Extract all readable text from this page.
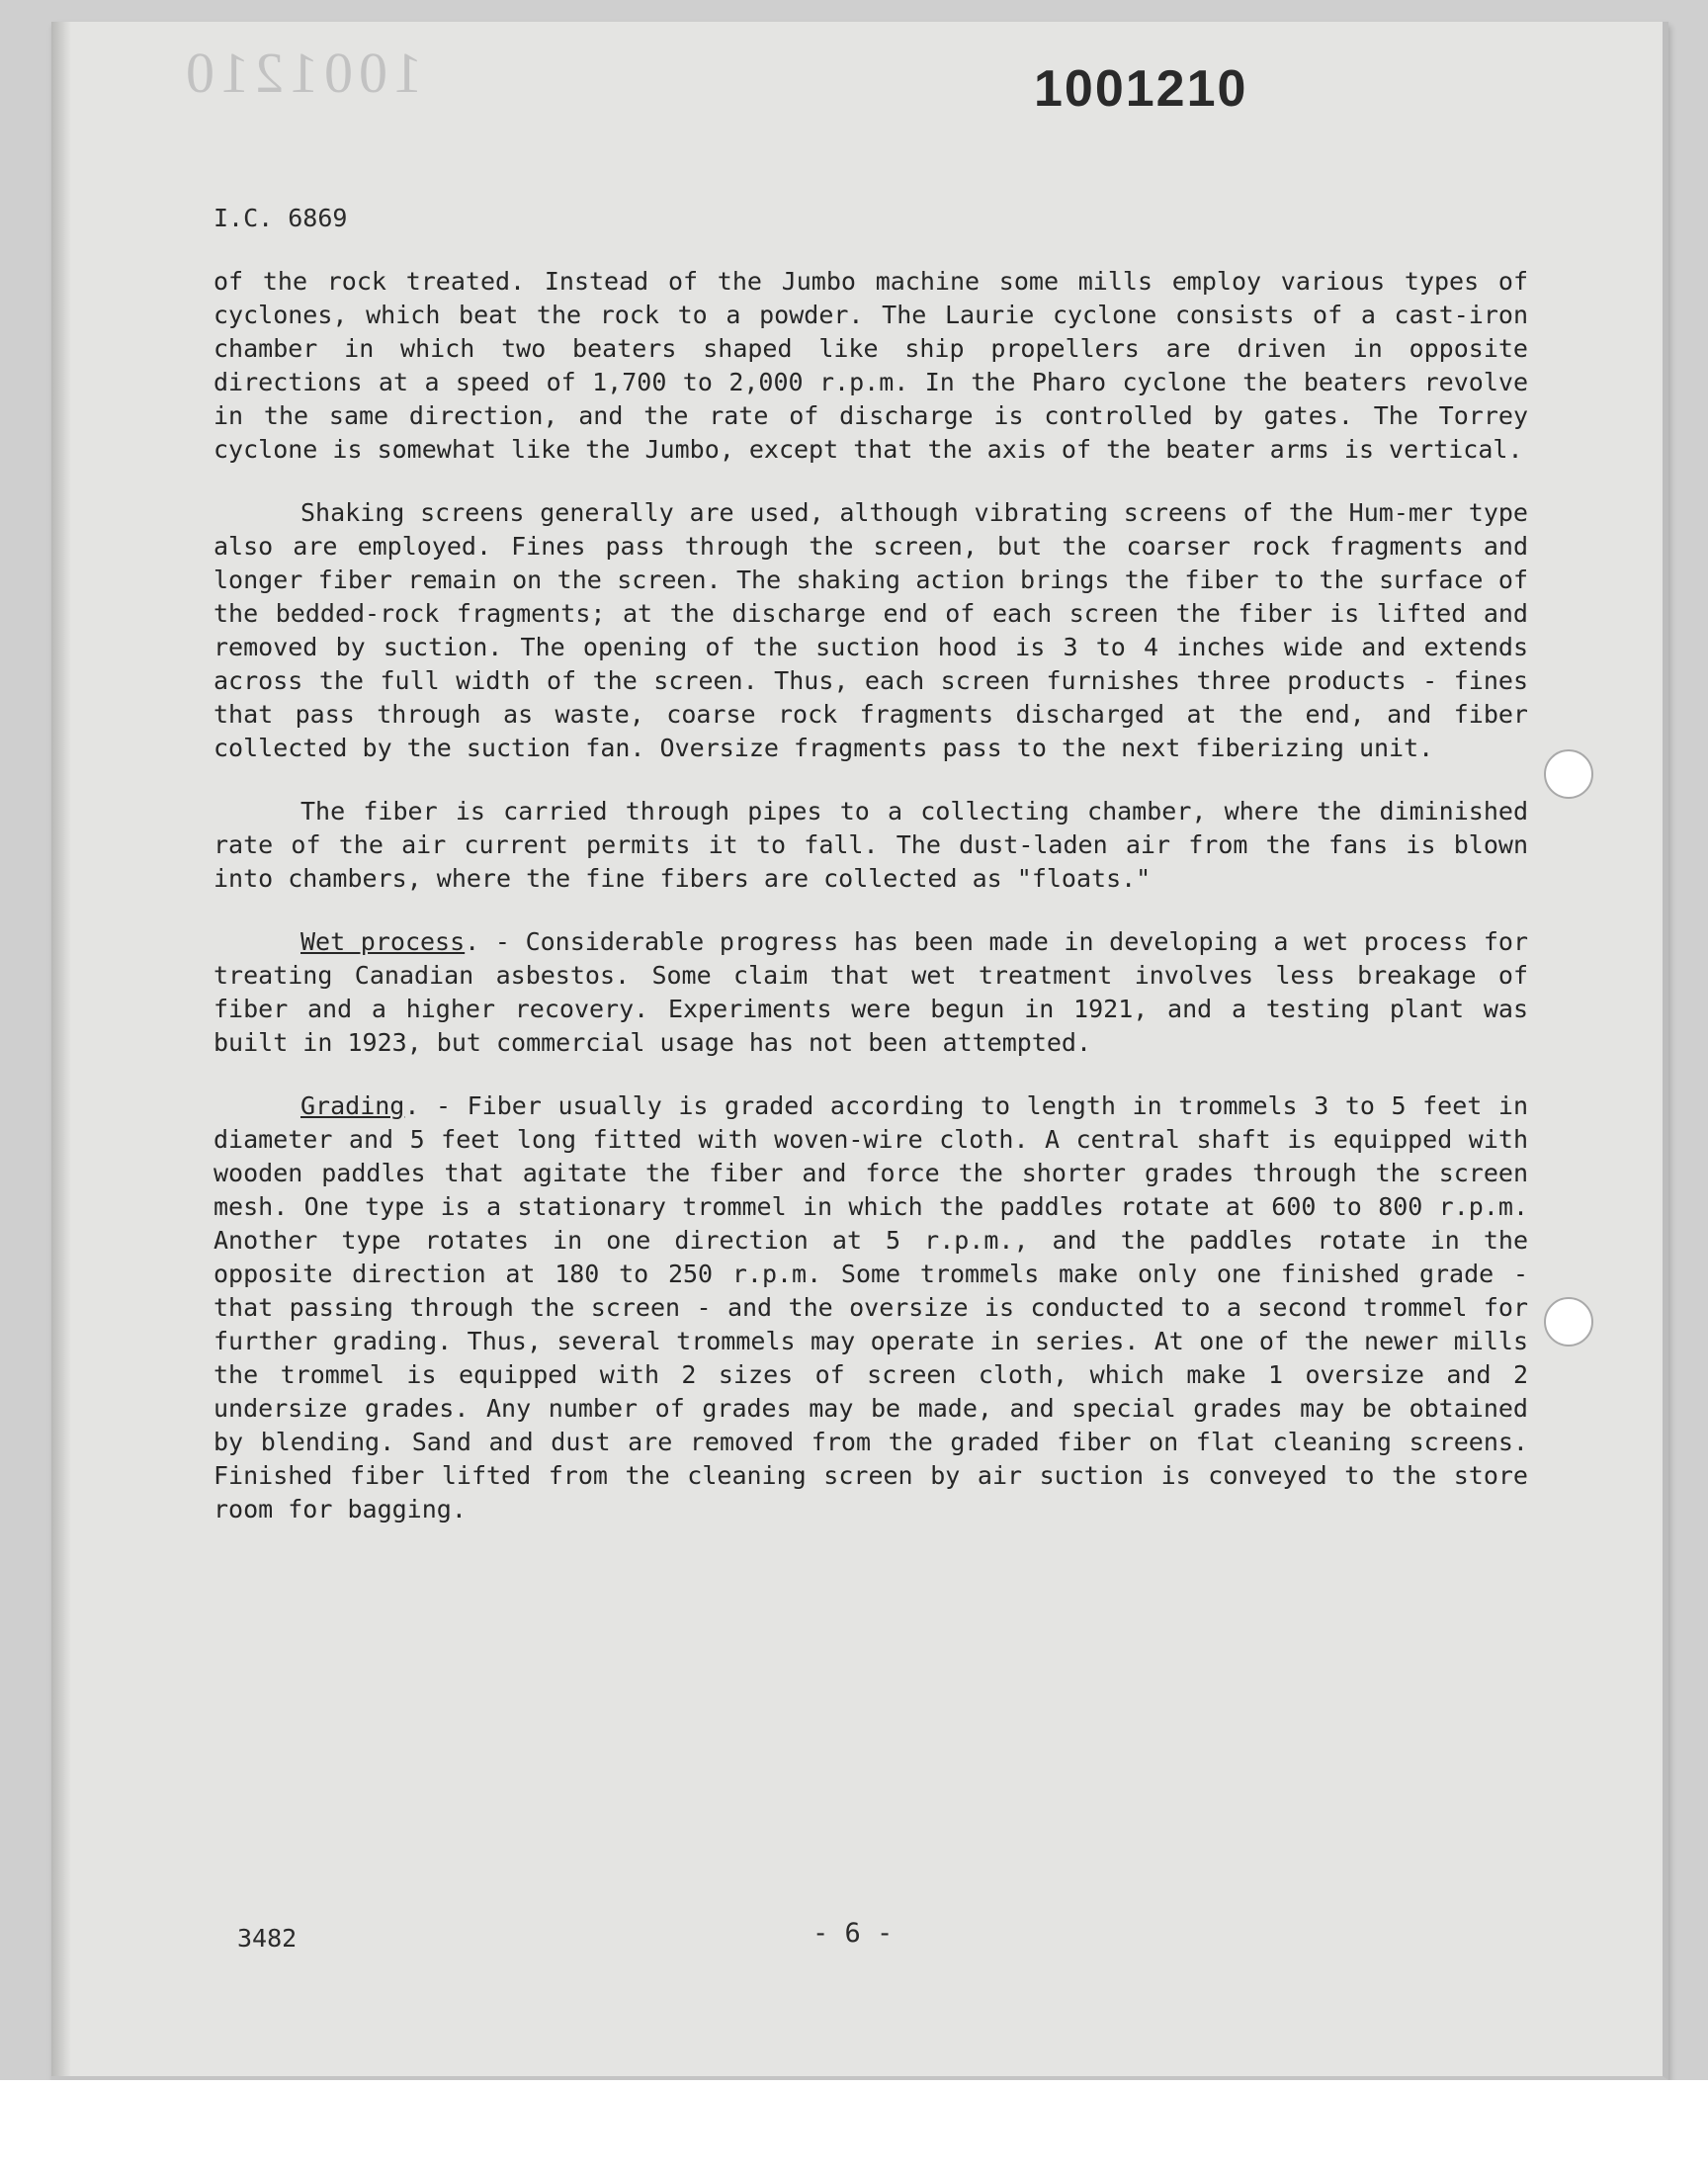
1001210	1001210
I.C. 6869

of the rock treated. Instead of the Jumbo machine some mills employ various types of cyclones, which beat the rock to a powder. The Laurie cyclone consists of a cast-iron chamber in which two beaters shaped like ship propellers are driven in opposite directions at a speed of 1,700 to 2,000 r.p.m. In the Pharo cyclone the beaters revolve in the same direction, and the rate of discharge is controlled by gates. The Torrey cyclone is somewhat like the Jumbo, except that the axis of the beater arms is vertical.

Shaking screens generally are used, although vibrating screens of the Hum-mer type also are employed. Fines pass through the screen, but the coarser rock fragments and longer fiber remain on the screen. The shaking action brings the fiber to the surface of the bedded-rock fragments; at the discharge end of each screen the fiber is lifted and removed by suction. The opening of the suction hood is 3 to 4 inches wide and extends across the full width of the screen. Thus, each screen furnishes three products - fines that pass through as waste, coarse rock fragments discharged at the end, and fiber collected by the suction fan. Oversize fragments pass to the next fiberizing unit.

The fiber is carried through pipes to a collecting chamber, where the diminished rate of the air current permits it to fall. The dust-laden air from the fans is blown into chambers, where the fine fibers are collected as "floats."

Wet process. - Considerable progress has been made in developing a wet process for treating Canadian asbestos. Some claim that wet treatment involves less breakage of fiber and a higher recovery. Experiments were begun in 1921, and a testing plant was built in 1923, but commercial usage has not been attempted.

Grading. - Fiber usually is graded according to length in trommels 3 to 5 feet in diameter and 5 feet long fitted with woven-wire cloth. A central shaft is equipped with wooden paddles that agitate the fiber and force the shorter grades through the screen mesh. One type is a stationary trommel in which the paddles rotate at 600 to 800 r.p.m. Another type rotates in one direction at 5 r.p.m., and the paddles rotate in the opposite direction at 180 to 250 r.p.m. Some trommels make only one finished grade - that passing through the screen - and the oversize is conducted to a second trommel for further grading. Thus, several trommels may operate in series. At one of the newer mills the trommel is equipped with 2 sizes of screen cloth, which make 1 oversize and 2 undersize grades. Any number of grades may be made, and special grades may be obtained by blending. Sand and dust are removed from the graded fiber on flat cleaning screens. Finished fiber lifted from the cleaning screen by air suction is conveyed to the store room for bagging.

3482	- 6 -
